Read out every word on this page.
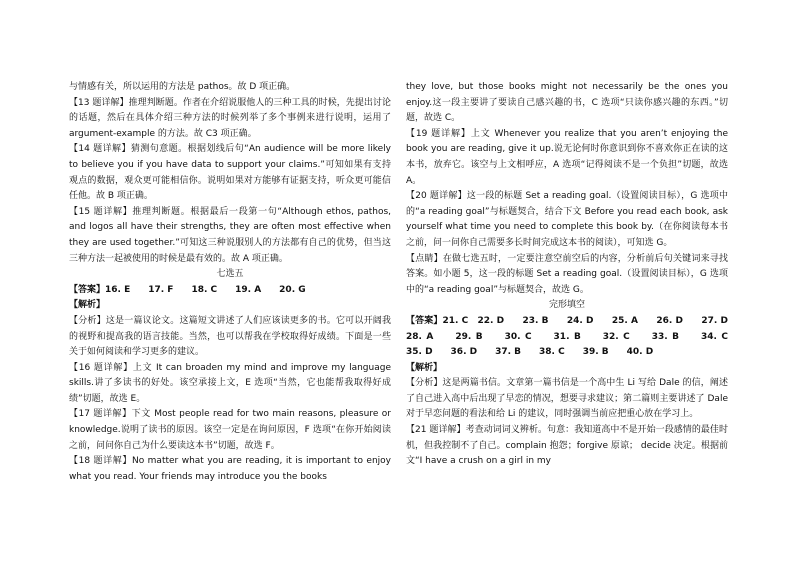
与情感有关，所以运用的方法是 pathos。故 D 项正确。

【13 题详解】推理判断题。作者在介绍说服他人的三种工具的时候，先提出讨论的话题，然后在具体介绍三种方法的时候列举了多个事例来进行说明，运用了 argument-example 的方法。故 C3 项正确。

【14 题详解】猜测句意题。根据划线后句“An audience will be more likely to believe you if you have data to support your claims.”可知如果有支持观点的数据，观众更可能相信你。说明如果对方能够有证据支持，听众更可能信任他。故 B 项正确。

【15 题详解】推理判断题。根据最后一段第一句“Although ethos, pathos, and logos all have their strengths, they are often most effective when they are used together.”可知这三种说服别人的方法都有自己的优势，但当这三种方法一起被使用的时候是最有效的。故 A 项正确。

七选五

【答案】16. E　　17. F　　18. C　　19. A　　20. G

【解析】

【分析】这是一篇议论文。这篇短文讲述了人们应该读更多的书。它可以开阔我的视野和提高我的语言技能。当然，也可以帮我在学校取得好成绩。下面是一些关于如何阅读和学习更多的建议。

【16 题详解】上文 It can broaden my mind and improve my language skills.讲了多读书的好处。该空承接上文，E 选项“当然，它也能帮我取得好成绩”切题，故选 E。

【17 题详解】下文 Most people read for two main reasons, pleasure or knowledge.说明了读书的原因。该空一定是在询问原因，F 选项“在你开始阅读之前，问问你自己为什么要读这本书”切题，故选 F。

【18 题详解】No matter what you are reading, it is important to enjoy what you read. Your friends may introduce you the books

they love, but those books might not necessarily be the ones you enjoy.这一段主要讲了要读自己感兴趣的书，C 选项“只读你感兴趣的东西。”切题，故选 C。

【19 题详解】上文 Whenever you realize that you aren’t enjoying the book you are reading, give it up.说无论何时你意识到你不喜欢你正在读的这本书，放弃它。该空与上文相呼应，A 选项“记得阅读不是一个负担”切题，故选 A。

【20 题详解】这一段的标题 Set a reading goal.（设置阅读目标），G 选项中的“a reading goal”与标题契合，结合下文 Before you read each book, ask yourself what time you need to complete this book by.（在你阅读每本书之前，问一问你自己需要多长时间完成这本书的阅读），可知选 G。

【点睛】在做七选五时，一定要注意空前空后的内容，分析前后句关键词来寻找答案。如小题 5，这一段的标题 Set a reading goal.（设置阅读目标），G 选项中的“a reading goal”与标题契合，故选 G。

完形填空

【答案】21. C　22. D　　23. B　　24. D　　25. A　　26. D　　27. D　28. A　　29. B　　30. C　　31. B　　32. C　　33. B　　34. C　　35. D　　36. D　　37. B　　38. C　　39. B　　40. D

【解析】

【分析】这是两篇书信。文章第一篇书信是一个高中生 Li 写给 Dale 的信，阐述了自己进入高中后出现了早恋的情况，想要寻求建议；第二篇则主要讲述了 Dale 对于早恋问题的看法和给 Li 的建议，同时强调当前应把重心放在学习上。

【21 题详解】考查动词词义辨析。句意：我知道高中不是开始一段感情的最佳时机，但我控制不了自己。complain 抱怨；forgive 原谅； decide 决定。根据前文“I have a crush on a girl in my
